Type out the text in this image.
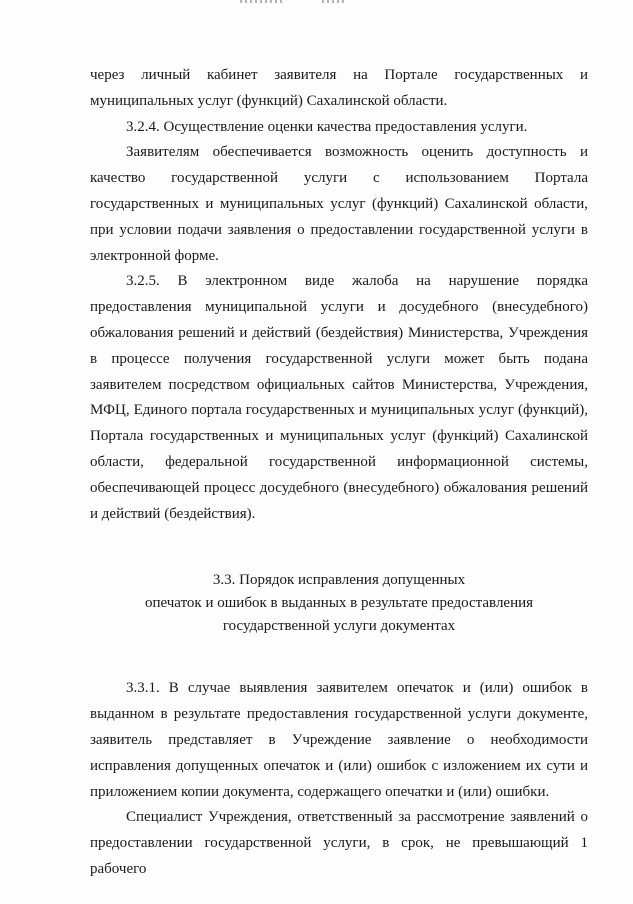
через личный кабинет заявителя на Портале государственных и муниципальных услуг (функций) Сахалинской области.

3.2.4. Осуществление оценки качества предоставления услуги.

Заявителям обеспечивается возможность оценить доступность и качество государственной услуги с использованием Портала государственных и муниципальных услуг (функций) Сахалинской области, при условии подачи заявления о предоставлении государственной услуги в электронной форме.

3.2.5. В электронном виде жалоба на нарушение порядка предоставления муниципальной услуги и досудебного (внесудебного) обжалования решений и действий (бездействия) Министерства, Учреждения в процессе получения государственной услуги может быть подана заявителем посредством официальных сайтов Министерства, Учреждения, МФЦ, Единого портала государственных и муниципальных услуг (функций), Портала государственных и муниципальных услуг (функций) Сахалинской области, федеральной государственной информационной системы, обеспечивающей процесс досудебного (внесудебного) обжалования решений и действий (бездействия).

3.3. Порядок исправления допущенных

опечаток и ошибок в выданных в результате предоставления

государственной услуги документах

3.3.1. В случае выявления заявителем опечаток и (или) ошибок в выданном в результате предоставления государственной услуги документе, заявитель представляет в Учреждение заявление о необходимости исправления допущенных опечаток и (или) ошибок с изложением их сути и приложением копии документа, содержащего опечатки и (или) ошибки.

Специалист Учреждения, ответственный за рассмотрение заявлений о предоставлении государственной услуги, в срок, не превышающий 1 рабочего
